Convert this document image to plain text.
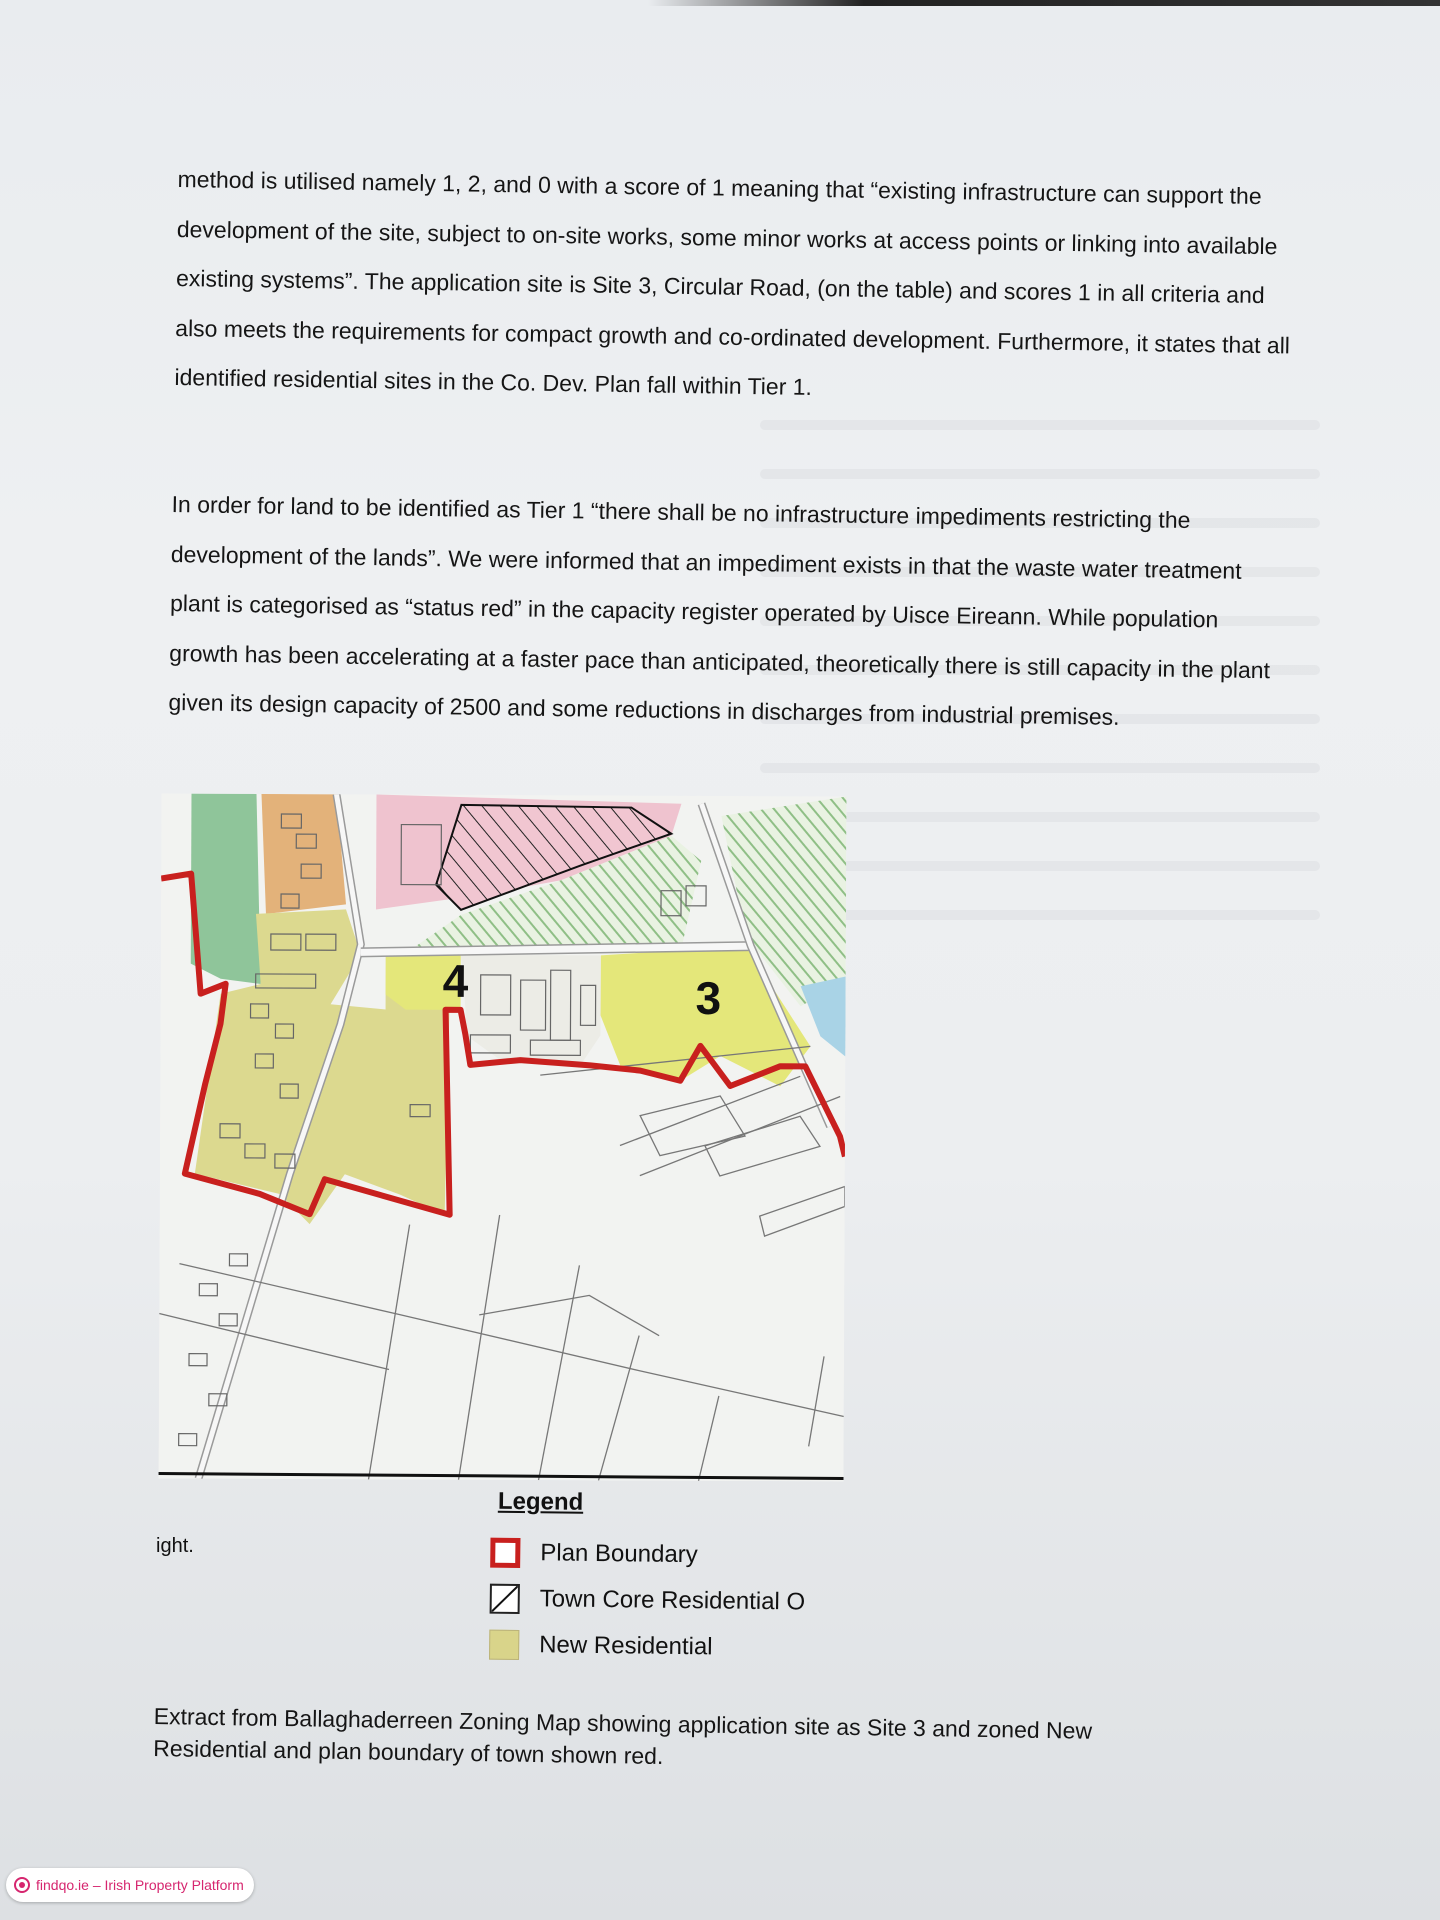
method is utilised namely 1, 2, and 0 with a score of 1 meaning that “existing infrastructure can support the development of the site, subject to on-site works, some minor works at access points or linking into available existing systems”. The application site is Site 3, Circular Road, (on the table) and scores 1 in all criteria and also meets the requirements for compact growth and co-ordinated development. Furthermore, it states that all identified residential sites in the Co. Dev. Plan fall within Tier 1.

In order for land to be identified as Tier 1 “there shall be no infrastructure impediments restricting the development of the lands”. We were informed that an impediment exists in that the waste water treatment plant is categorised as “status red” in the capacity register operated by Uisce Eireann. While population growth has been accelerating at a faster pace than anticipated, theoretically there is still capacity in the plant given its design capacity of 2500 and some reductions in discharges from industrial premises.

4	3
ight.
Legend
Plan Boundary
Town Core Residential O
New Residential

Extract from Ballaghaderreen Zoning Map showing application site as Site 3 and zoned New Residential and plan boundary of town shown red.

findqo.ie – Irish Property Platform
